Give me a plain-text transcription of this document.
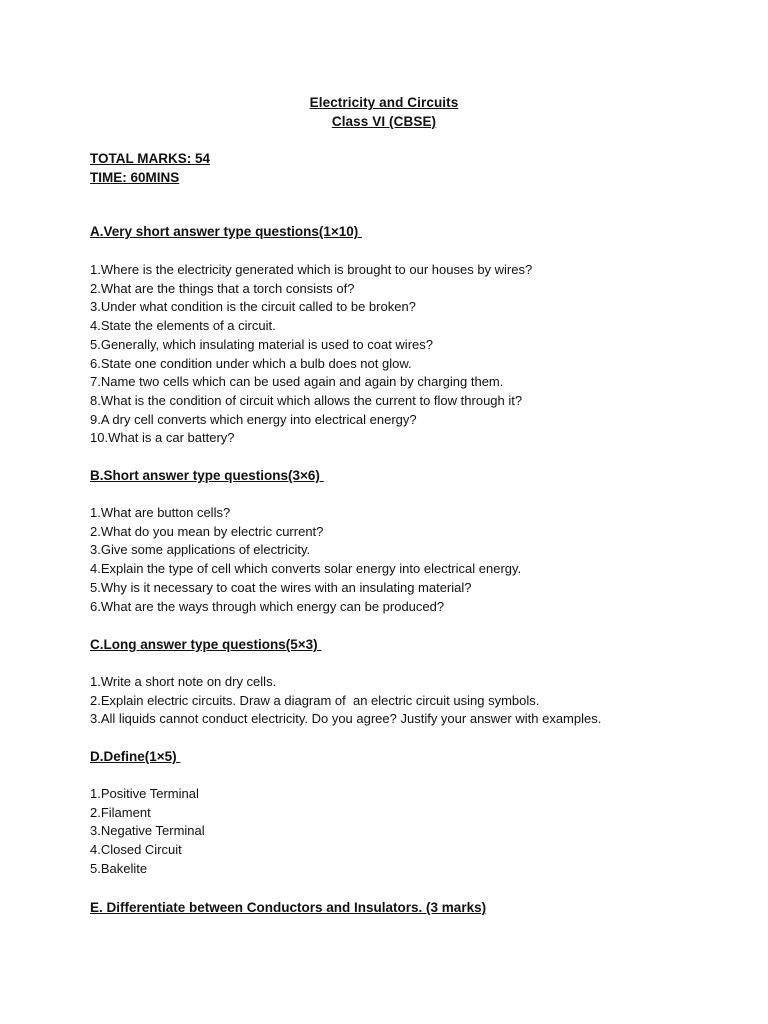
Electricity and Circuits
Class VI (CBSE)
TOTAL MARKS: 54
TIME: 60MINS
A.Very short answer type questions(1×10)
1.Where is the electricity generated which is brought to our houses by wires?
2.What are the things that a torch consists of?
3.Under what condition is the circuit called to be broken?
4.State the elements of a circuit.
5.Generally, which insulating material is used to coat wires?
6.State one condition under which a bulb does not glow.
7.Name two cells which can be used again and again by charging them.
8.What is the condition of circuit which allows the current to flow through it?
9.A dry cell converts which energy into electrical energy?
10.What is a car battery?
B.Short answer type questions(3×6)
1.What are button cells?
2.What do you mean by electric current?
3.Give some applications of electricity.
4.Explain the type of cell which converts solar energy into electrical energy.
5.Why is it necessary to coat the wires with an insulating material?
6.What are the ways through which energy can be produced?
C.Long answer type questions(5×3)
1.Write a short note on dry cells.
2.Explain electric circuits. Draw a diagram of  an electric circuit using symbols.
3.All liquids cannot conduct electricity. Do you agree? Justify your answer with examples.
D.Define(1×5)
1.Positive Terminal
2.Filament
3.Negative Terminal
4.Closed Circuit
5.Bakelite
E. Differentiate between Conductors and Insulators. (3 marks)
